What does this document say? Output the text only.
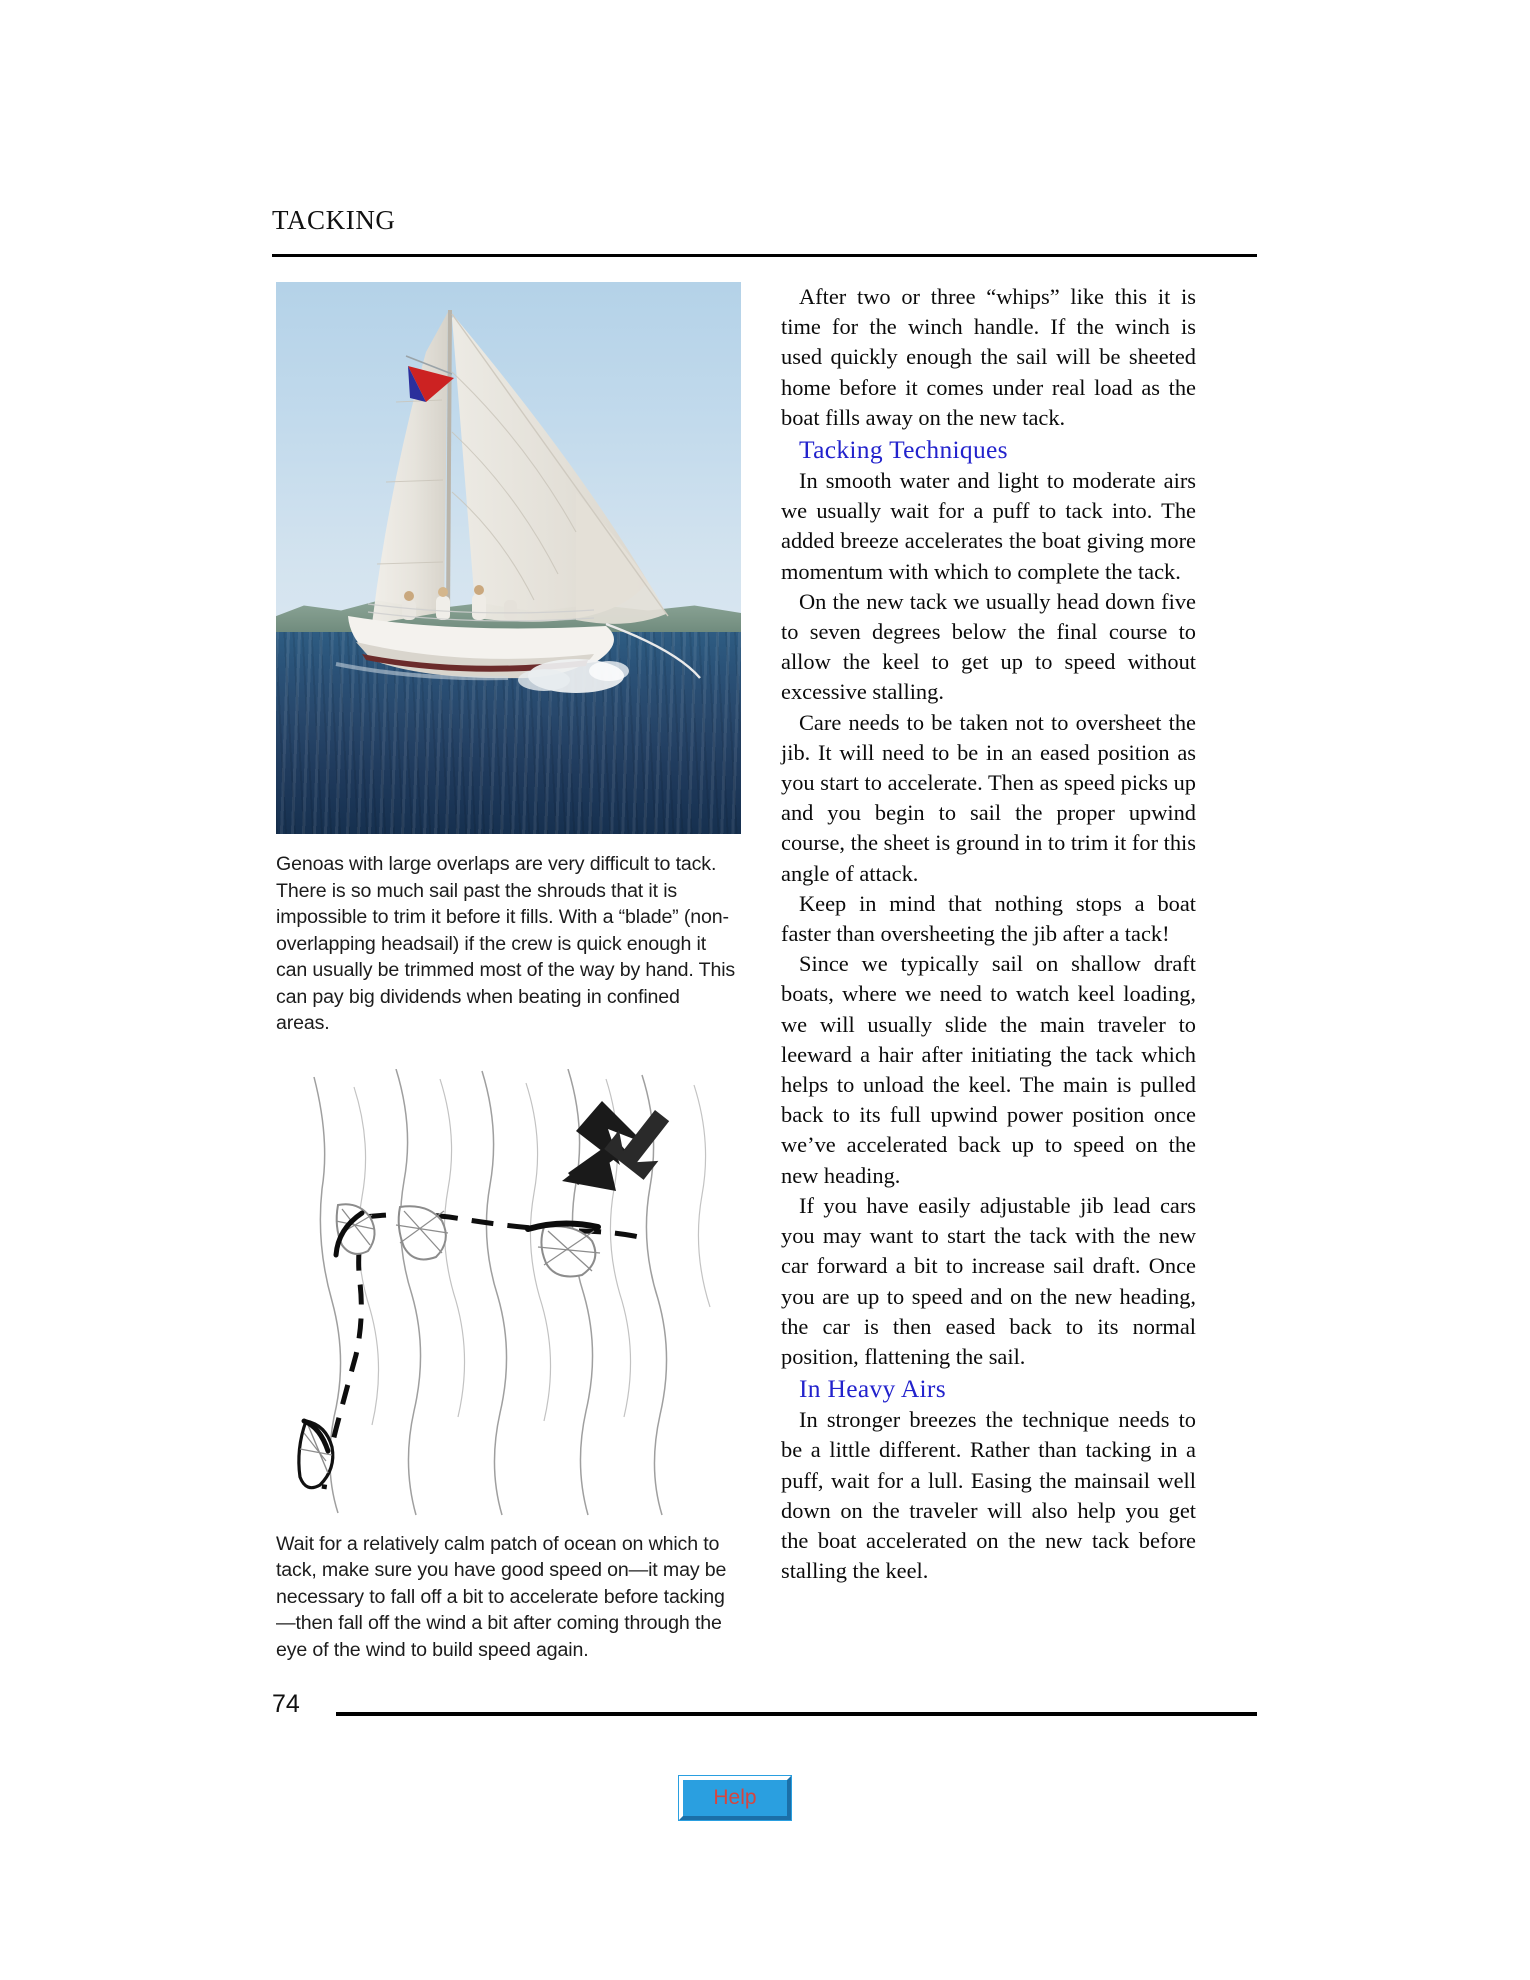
TACKING
Genoas with large overlaps are very difficult to tack. There is so much sail past the shrouds that it is impossible to trim it before it fills. With a “blade” (non-overlapping headsail) if the crew is quick enough it can usually be trimmed most of the way by hand. This can pay big dividends when beating in confined areas.
Wait for a relatively calm patch of ocean on which to tack, make sure you have good speed on—it may be necessary to fall off a bit to accelerate before tacking—then fall off the wind a bit after coming through the eye of the wind to build speed again.

After two or three “whips” like this it is time for the winch handle. If the winch is used quickly enough the sail will be sheeted home before it comes under real load as the boat fills away on the new tack.

Tacking Techniques

In smooth water and light to moderate airs we usually wait for a puff to tack into. The added breeze accelerates the boat giving more momentum with which to complete the tack.

On the new tack we usually head down five to seven degrees below the final course to allow the keel to get up to speed without excessive stalling.

Care needs to be taken not to oversheet the jib. It will need to be in an eased position as you start to accelerate. Then as speed picks up and you begin to sail the proper upwind course, the sheet is ground in to trim it for this angle of attack.

Keep in mind that nothing stops a boat faster than oversheeting the jib after a tack!

Since we typically sail on shallow draft boats, where we need to watch keel loading, we will usually slide the main traveler to leeward a hair after initiating the tack which helps to unload the keel. The main is pulled back to its full upwind power position once we’ve accelerated back up to speed on the new heading.

If you have easily adjustable jib lead cars you may want to start the tack with the new car forward a bit to increase sail draft. Once you are up to speed and on the new heading, the car is then eased back to its normal position, flattening the sail.

In Heavy Airs

In stronger breezes the technique needs to be a little different. Rather than tacking in a puff, wait for a lull. Easing the mainsail well down on the traveler will also help you get the boat accelerated on the new tack before stalling the keel.

74
Help
